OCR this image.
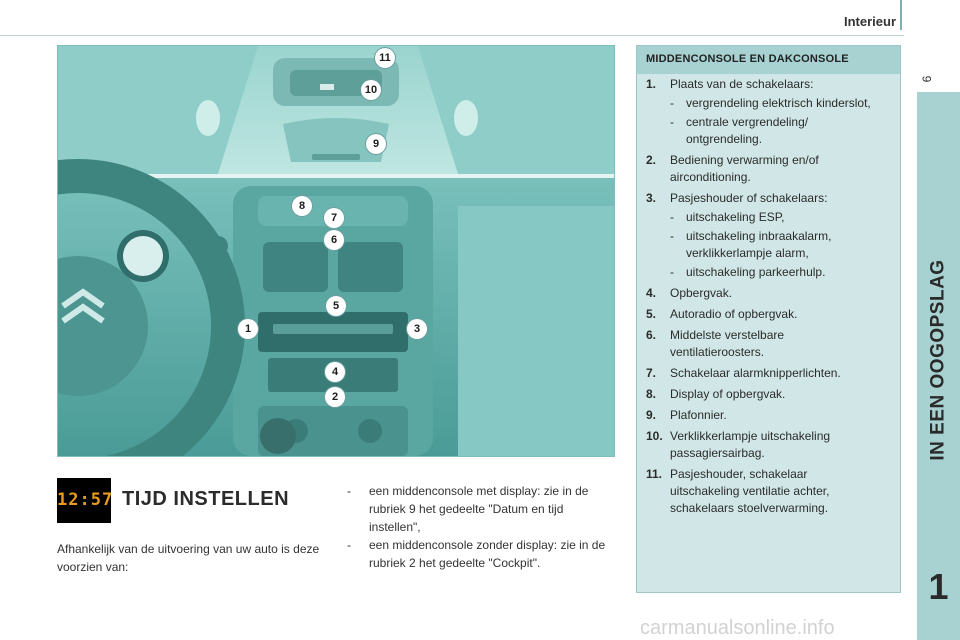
Interieur
9
IN EEN OOGOPSLAG
1
11
10
9
8
7
6
5
1	3
4
2
12:57 TIJD INSTELLEN
Afhankelijk van de uitvoering van uw auto is deze voorzien van:
- een middenconsole met display: zie in de rubriek 9 het gedeelte "Datum en tijd instellen",
- een middenconsole zonder display: zie in de rubriek 2 het gedeelte "Cockpit".
MIDDENCONSOLE EN DAKCONSOLE
1. Plaats van de schakelaars:
- vergrendeling elektrisch kinderslot,
- centrale vergrendeling/
ontgrendeling.
2. Bediening verwarming en/of
airconditioning.
3. Pasjeshouder of schakelaars:
- uitschakeling ESP,
- uitschakeling inbraakalarm,
verklikkerlampje alarm,
- uitschakeling parkeerhulp.
4. Opbergvak.
5. Autoradio of opbergvak.
6. Middelste verstelbare
ventilatieroosters.
7. Schakelaar alarmknipperlichten.
8. Display of opbergvak.
9. Plafonnier.
10. Verklikkerlampje uitschakeling
passagiersairbag.
11. Pasjeshouder, schakelaar
uitschakeling ventilatie achter,
schakelaars stoelverwarming.
carmanualsonline.info
